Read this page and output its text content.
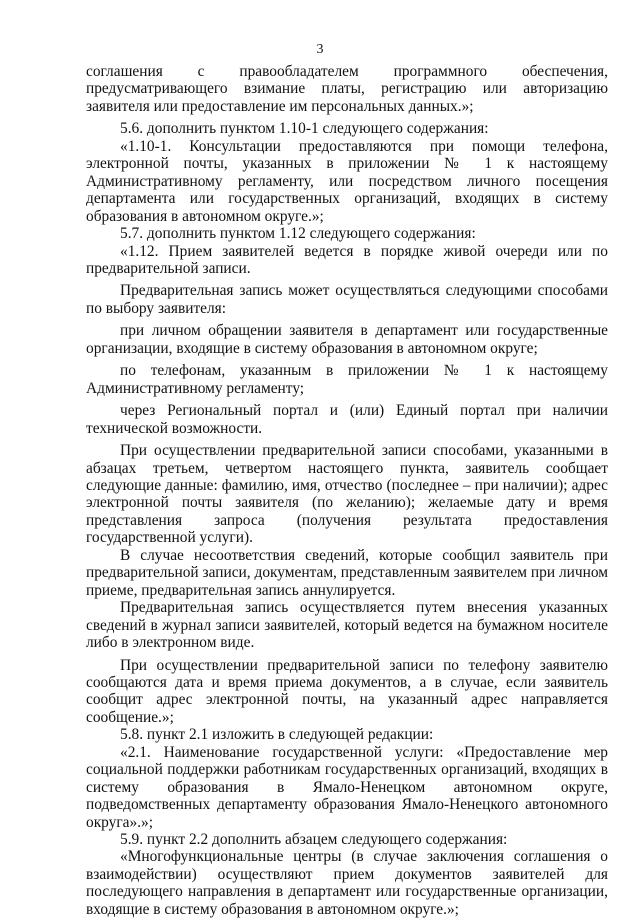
3

соглашения с правообладателем программного обеспечения, предусматривающего взимание платы, регистрацию или авторизацию заявителя или предоставление им персональных данных.»;

5.6. дополнить пунктом 1.10-1 следующего содержания:

«1.10-1. Консультации предоставляются при помощи телефона, электронной почты, указанных в приложении № 1 к настоящему Административному регламенту, или посредством личного посещения департамента или государственных организаций, входящих в систему образования в автономном округе.»;

5.7. дополнить пунктом 1.12 следующего содержания:

«1.12. Прием заявителей ведется в порядке живой очереди или по предварительной записи.

Предварительная запись может осуществляться следующими способами по выбору заявителя:

при личном обращении заявителя в департамент или государственные организации, входящие в систему образования в автономном округе;

по телефонам, указанным в приложении № 1 к настоящему Административному регламенту;

через Региональный портал и (или) Единый портал при наличии технической возможности.

При осуществлении предварительной записи способами, указанными в абзацах третьем, четвертом настоящего пункта, заявитель сообщает следующие данные: фамилию, имя, отчество (последнее – при наличии); адрес электронной почты заявителя (по желанию); желаемые дату и время представления запроса (получения результата предоставления государственной услуги).

В случае несоответствия сведений, которые сообщил заявитель при предварительной записи, документам, представленным заявителем при личном приеме, предварительная запись аннулируется.

Предварительная запись осуществляется путем внесения указанных сведений в журнал записи заявителей, который ведется на бумажном носителе либо в электронном виде.

При осуществлении предварительной записи по телефону заявителю сообщаются дата и время приема документов, а в случае, если заявитель сообщит адрес электронной почты, на указанный адрес направляется сообщение.»;

5.8. пункт 2.1 изложить в следующей редакции:

«2.1. Наименование государственной услуги: «Предоставление мер социальной поддержки работникам государственных организаций, входящих в систему образования в Ямало-Ненецком автономном округе, подведомственных департаменту образования Ямало-Ненецкого автономного округа».»;

5.9. пункт 2.2 дополнить абзацем следующего содержания:

«Многофункциональные центры (в случае заключения соглашения о взаимодействии) осуществляют прием документов заявителей для последующего направления в департамент или государственные организации, входящие в систему образования в автономном округе.»;
